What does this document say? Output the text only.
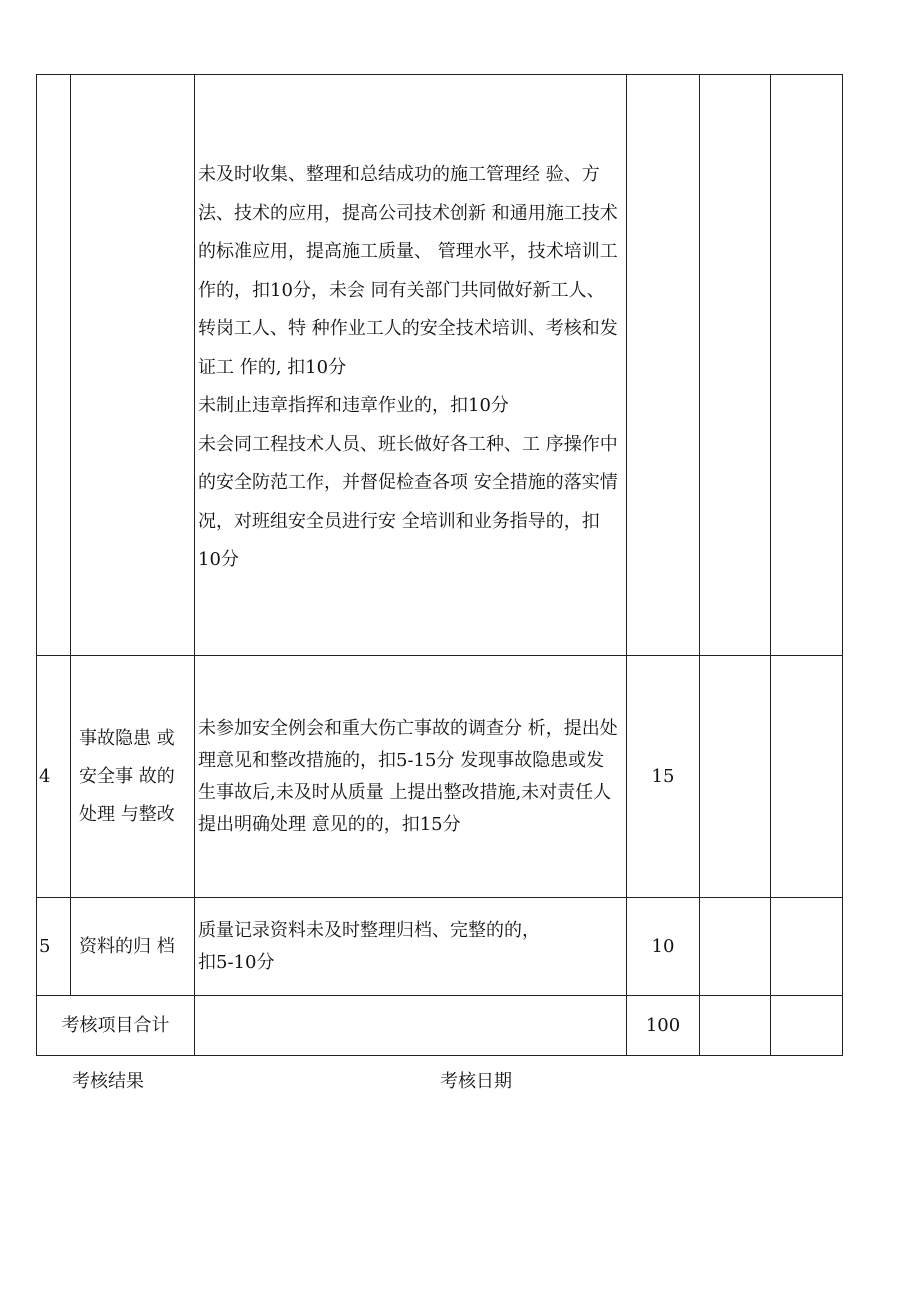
		未及时收集、整理和总结成功的施工管理经 验、方法、技术的应用，提高公司技术创新 和通用施工技术的标准应用，提高施工质量、 管理水平，技术培训工作的，扣10分，未会 同有关部门共同做好新工人、转岗工人、特 种作业工人的安全技术培训、考核和发证工 作的, 扣10分
未制止违章指挥和违章作业的，扣10分
未会同工程技术人员、班长做好各工种、工 序操作中的安全防范工作，并督促检查各项 安全措施的落实情况，对班组安全员进行安 全培训和业务指导的，扣10分			

4	事故隐患 或安全事 故的处理 与整改	未参加安全例会和重大伤亡事故的调查分 析，提出处理意见和整改措施的，扣5-15分 发现事故隐患或发生事故后,未及时从质量 上提出整改措施,未对责任人提出明确处理 意见的的，扣15分	15		
5	资料的归 档	质量记录资料未及时整理归档、完整的的，
扣5-10分	10		
考核项目合计			100		
考核结果	考核日期
